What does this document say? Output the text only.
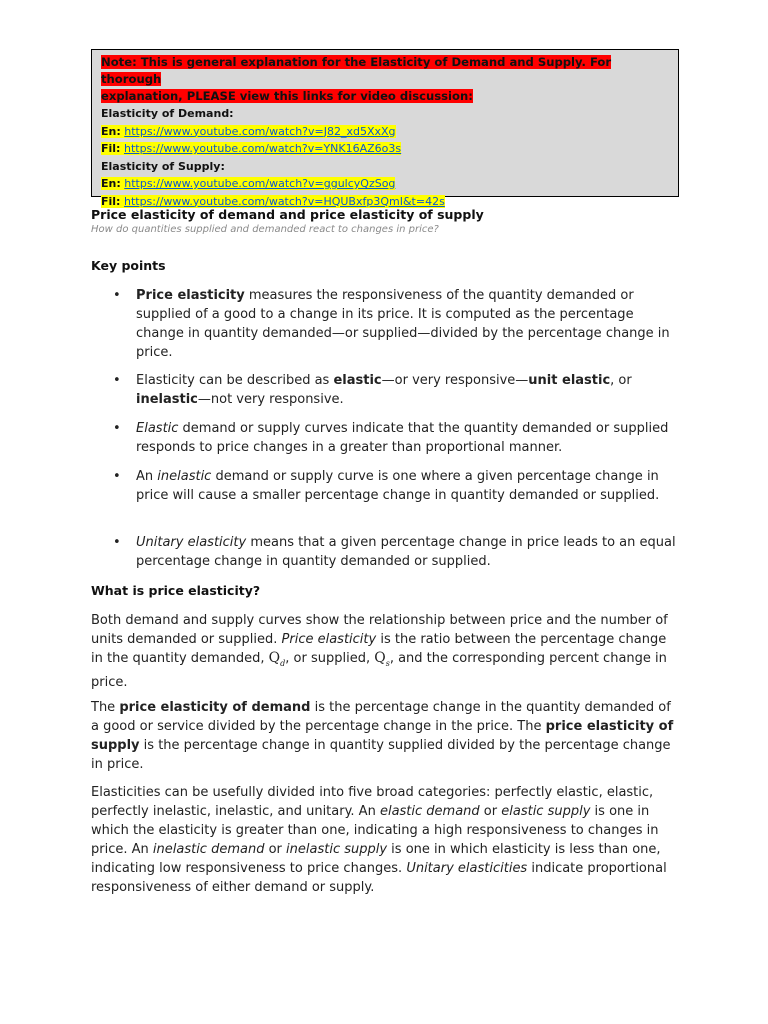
Note: This is general explanation for the Elasticity of Demand and Supply. For thorough
explanation, PLEASE view this links for video discussion:
Elasticity of Demand:
En: https://www.youtube.com/watch?v=J82_xd5XxXg
Fil: https://www.youtube.com/watch?v=YNK16AZ6o3s
Elasticity of Supply:
En: https://www.youtube.com/watch?v=ggulcyQzSog
Fil: https://www.youtube.com/watch?v=HQUBxfp3QmI&t=42s
Price elasticity of demand and price elasticity of supply
How do quantities supplied and demanded react to changes in price?
Key points
• Price elasticity measures the responsiveness of the quantity demanded or supplied of a good to a change in its price. It is computed as the percentage change in quantity demanded—or supplied—divided by the percentage change in price.
• Elasticity can be described as elastic—or very responsive—unit elastic, or inelastic—not very responsive.
• Elastic demand or supply curves indicate that the quantity demanded or supplied responds to price changes in a greater than proportional manner.
• An inelastic demand or supply curve is one where a given percentage change in price will cause a smaller percentage change in quantity demanded or supplied.
• Unitary elasticity means that a given percentage change in price leads to an equal percentage change in quantity demanded or supplied.
What is price elasticity?
Both demand and supply curves show the relationship between price and the number of units demanded or supplied. Price elasticity is the ratio between the percentage change in the quantity demanded, $Q_d$, or supplied, $Q_s$, and the corresponding percent change in price.
The price elasticity of demand is the percentage change in the quantity demanded of a good or service divided by the percentage change in the price. The price elasticity of supply is the percentage change in quantity supplied divided by the percentage change in price.
Elasticities can be usefully divided into five broad categories: perfectly elastic, elastic, perfectly inelastic, inelastic, and unitary. An elastic demand or elastic supply is one in which the elasticity is greater than one, indicating a high responsiveness to changes in price. An inelastic demand or inelastic supply is one in which elasticity is less than one, indicating low responsiveness to price changes. Unitary elasticities indicate proportional responsiveness of either demand or supply.
